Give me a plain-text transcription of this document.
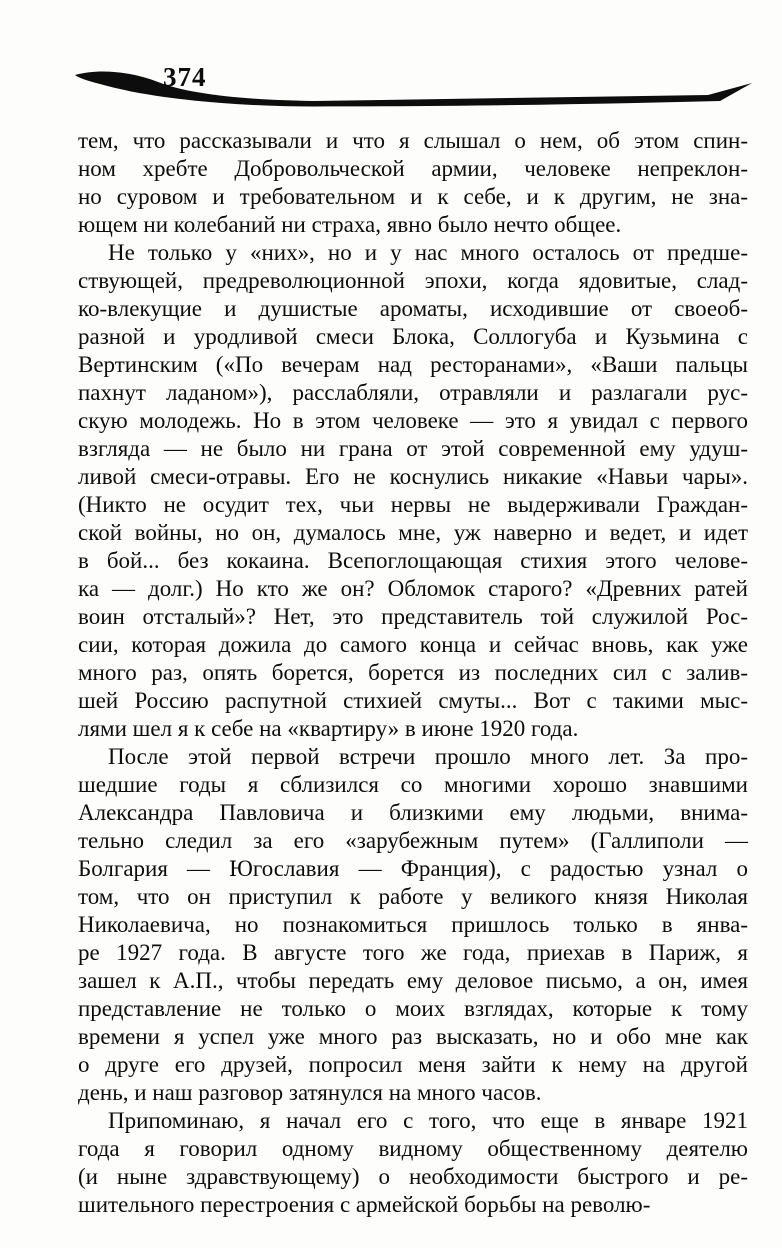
374

тем, что рассказывали и что я слышал о нем, об этом спин-
ном хребте Добровольческой армии, человеке непреклон-
но суровом и требовательном и к себе, и к другим, не зна-
ющем ни колебаний ни страха, явно было нечто общее.

Не только у «них», но и у нас много осталось от предше-
ствующей, предреволюционной эпохи, когда ядовитые, слад-
ко-влекущие и душистые ароматы, исходившие от своеоб-
разной и уродливой смеси Блока, Соллогуба и Кузьмина с
Вертинским («По вечерам над ресторанами», «Ваши пальцы
пахнут ладаном»), расслабляли, отравляли и разлагали рус-
скую молодежь. Но в этом человеке — это я увидал с первого
взгляда — не было ни грана от этой современной ему удуш-
ливой смеси-отравы. Его не коснулись никакие «Навьи чары».
(Никто не осудит тех, чьи нервы не выдерживали Граждан-
ской войны, но он, думалось мне, уж наверно и ведет, и идет
в бой... без кокаина. Всепоглощающая стихия этого челове-
ка — долг.) Но кто же он? Обломок старого? «Древних ратей
воин отсталый»? Нет, это представитель той служилой Рос-
сии, которая дожила до самого конца и сейчас вновь, как уже
много раз, опять борется, борется из последних сил с залив-
шей Россию распутной стихией смуты... Вот с такими мыс-
лями шел я к себе на «квартиру» в июне 1920 года.

После этой первой встречи прошло много лет. За про-
шедшие годы я сблизился со многими хорошо знавшими
Александра Павловича и близкими ему людьми, внима-
тельно следил за его «зарубежным путем» (Галлиполи —
Болгария — Югославия — Франция), с радостью узнал о
том, что он приступил к работе у великого князя Николая
Николаевича, но познакомиться пришлось только в янва-
ре 1927 года. В августе того же года, приехав в Париж, я
зашел к А.П., чтобы передать ему деловое письмо, а он, имея
представление не только о моих взглядах, которые к тому
времени я успел уже много раз высказать, но и обо мне как
о друге его друзей, попросил меня зайти к нему на другой
день, и наш разговор затянулся на много часов.

Припоминаю, я начал его с того, что еще в январе 1921
года я говорил одному видному общественному деятелю
(и ныне здравствующему) о необходимости быстрого и ре-
шительного перестроения с армейской борьбы на револю-
